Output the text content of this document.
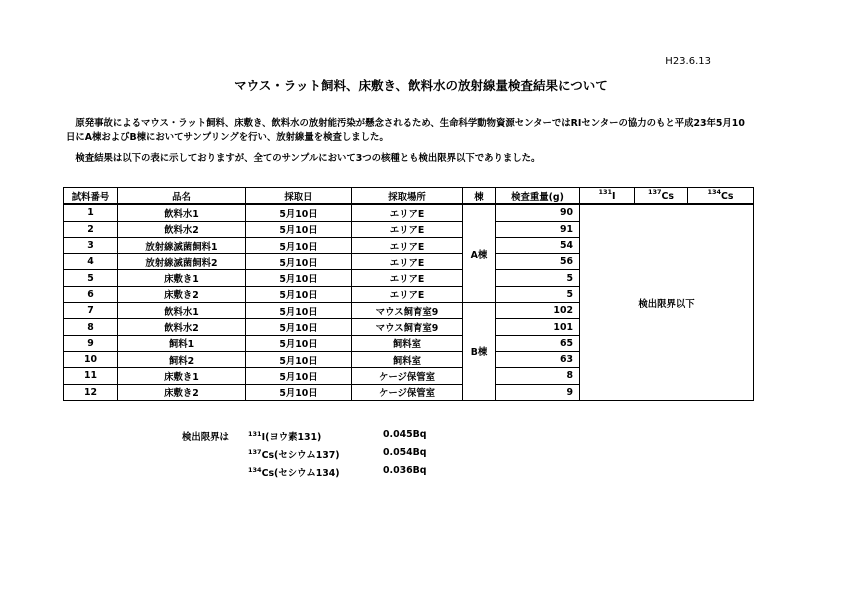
H23.6.13
マウス・ラット飼料、床敷き、飲料水の放射線量検査結果について
　原発事故によるマウス・ラット飼料、床敷き、飲料水の放射能汚染が懸念されるため、生命科学動物資源センターではRIセンターの協力のもと平成23年5月10日にA棟およびB棟においてサンプリングを行い、放射線量を検査しました。
　検査結果は以下の表に示しておりますが、全てのサンプルにおいて3つの核種とも検出限界以下でありました。
試料番号	品名	採取日	採取場所	棟	検査重量(g)	$^{131}$I	$^{137}$Cs	$^{134}$Cs
1	飲料水1	5月10日	エリアE	A棟	90	検出限界以下		
2	飲料水2	5月10日	エリアE		91			
3	放射線滅菌飼料1	5月10日	エリアE		54			
4	放射線滅菌飼料2	5月10日	エリアE		56			
5	床敷き1	5月10日	エリアE		5			
6	床敷き2	5月10日	エリアE		5			
7	飲料水1	5月10日	マウス飼育室9	B棟	102			
8	飲料水2	5月10日	マウス飼育室9		101			
9	飼料1	5月10日	飼料室		65			
10	飼料2	5月10日	飼料室		63			
11	床敷き1	5月10日	ケージ保管室		8			
12	床敷き2	5月10日	ケージ保管室		9			
検出限界は	$^{131}$I(ヨウ素131)	0.045Bq
$^{137}$Cs(セシウム137)	0.054Bq
$^{134}$Cs(セシウム134)	0.036Bq
